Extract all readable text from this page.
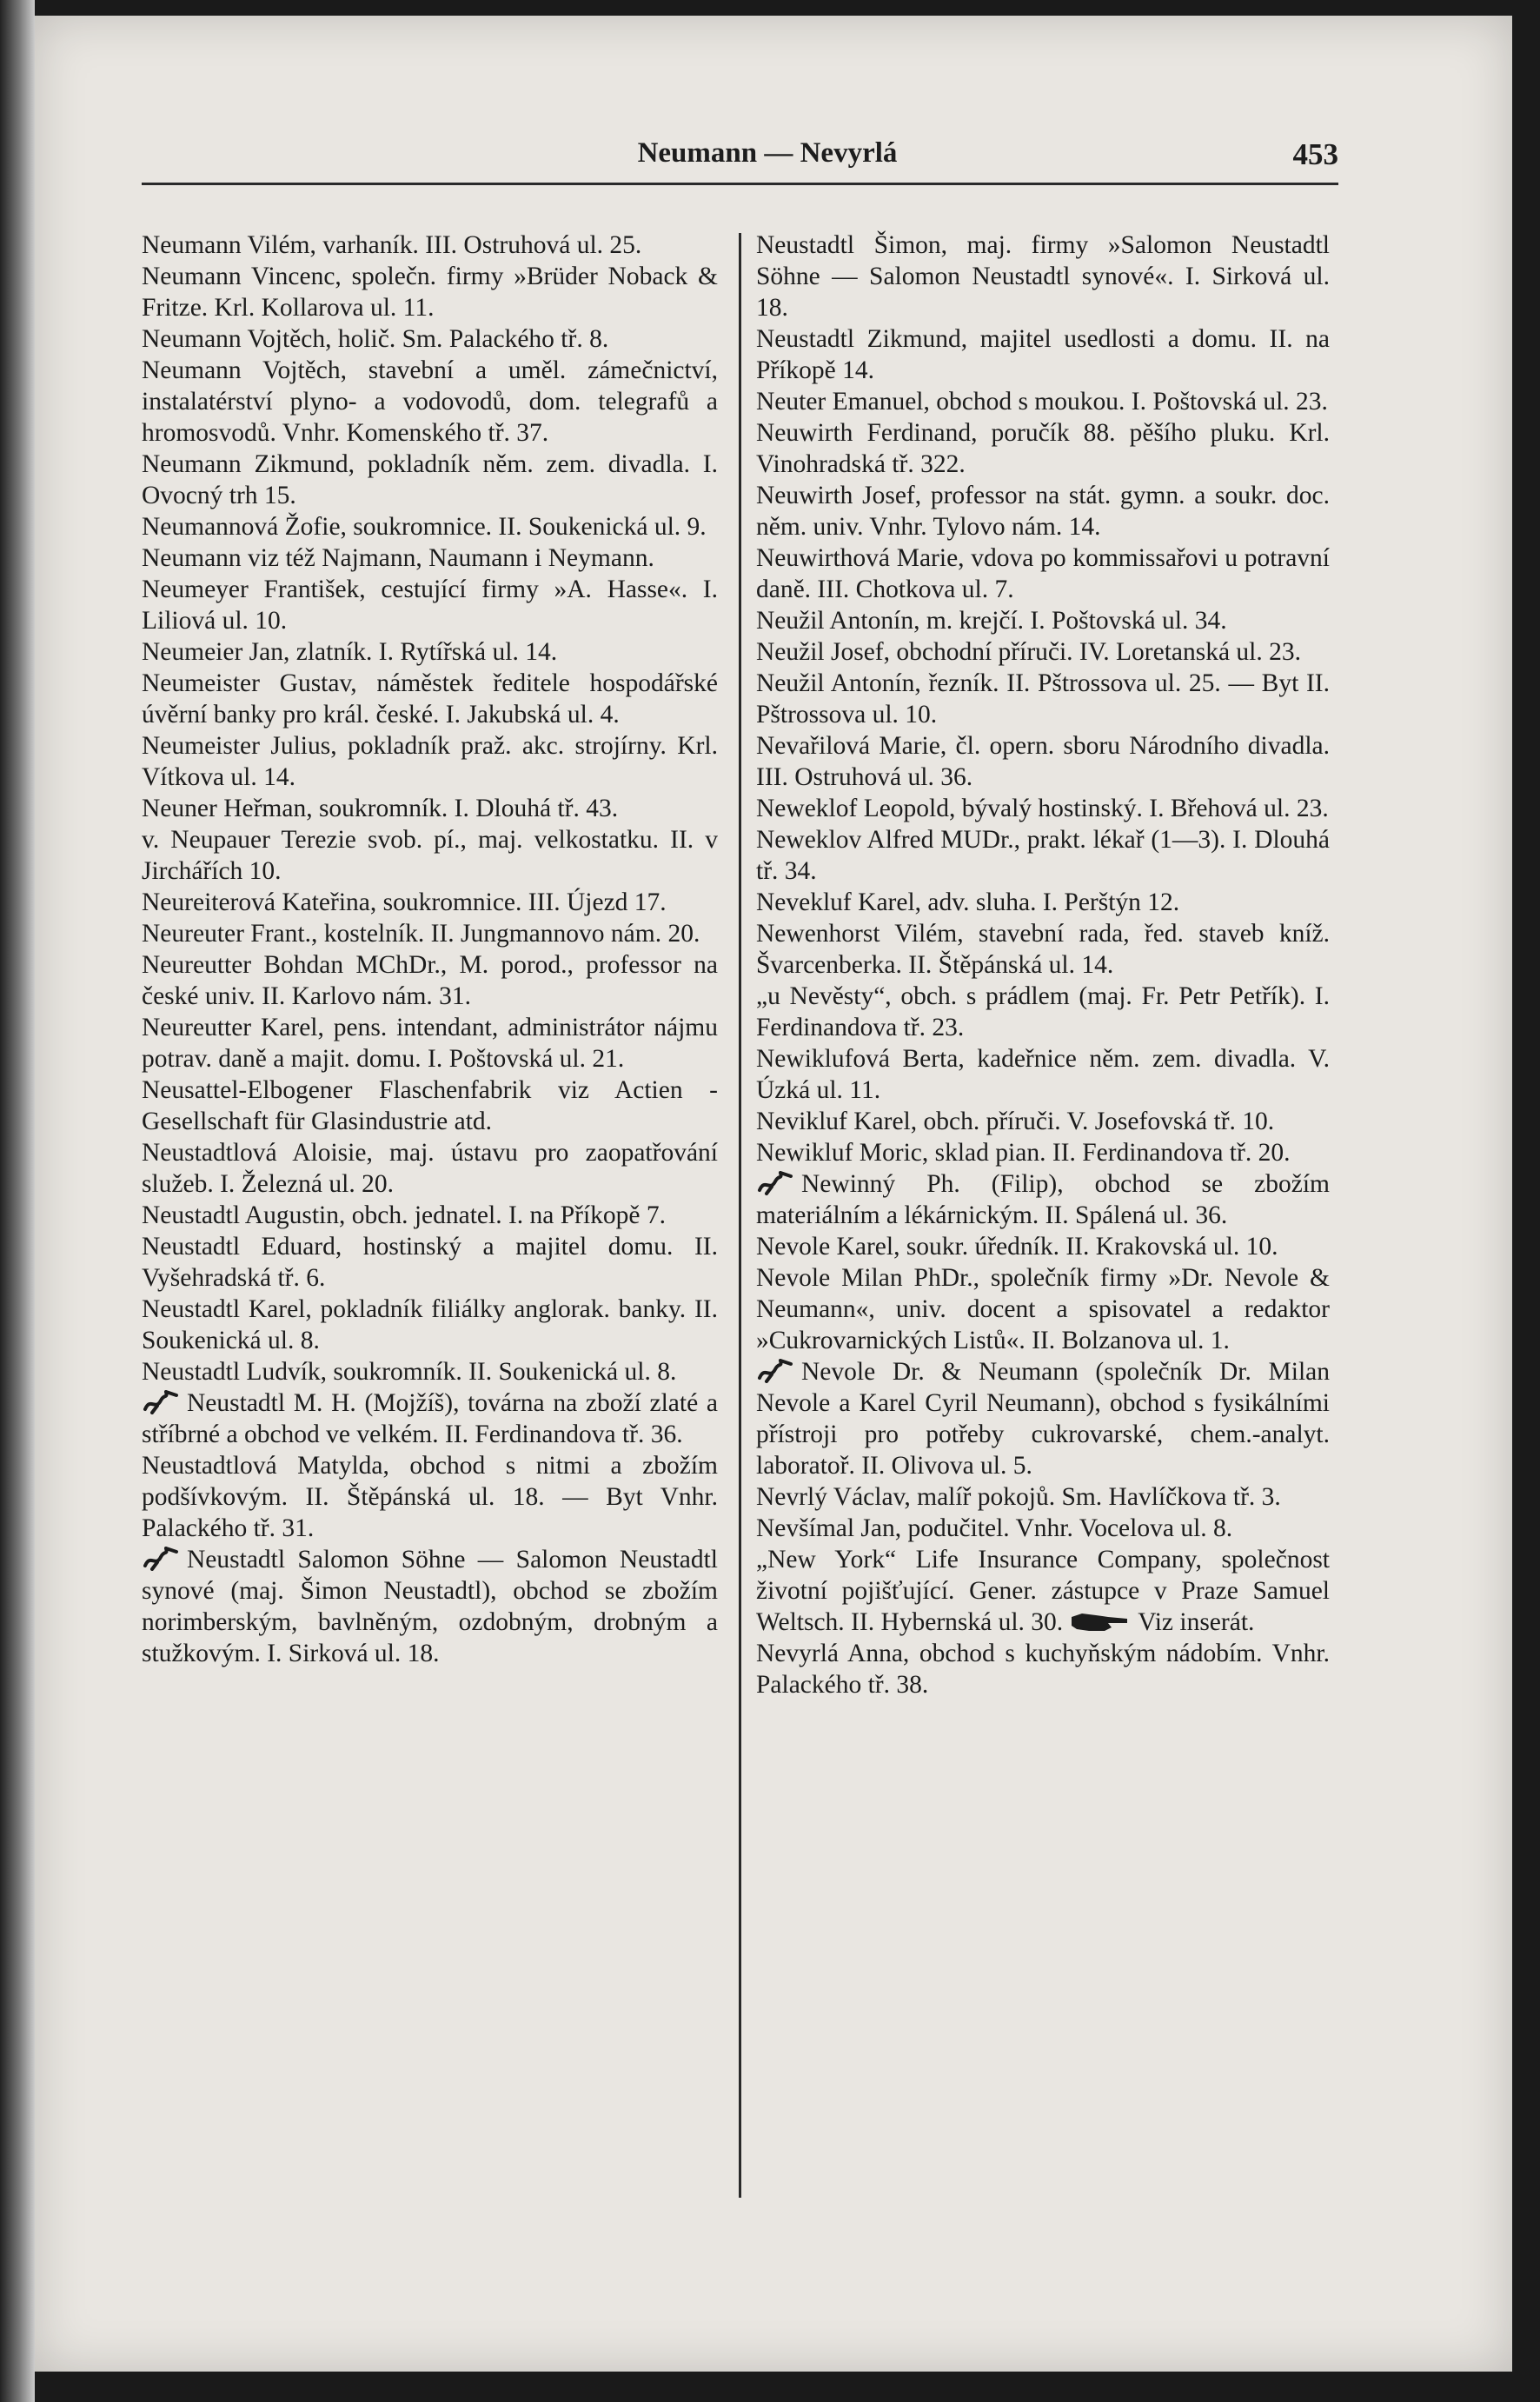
Neumann — Nevyrlá	453

Neumann Vilém, varhaník. III. Ostruhová ul. 25.

Neumann Vincenc, společn. firmy »Brüder Noback & Fritze. Krl. Kollarova ul. 11.

Neumann Vojtěch, holič. Sm. Palackého tř. 8.

Neumann Vojtěch, stavební a uměl. zámečnictví, instalatérství plyno- a vodovodů, dom. telegrafů a hromosvodů. Vnhr. Komenského tř. 37.

Neumann Zikmund, pokladník něm. zem. divadla. I. Ovocný trh 15.

Neumannová Žofie, soukromnice. II. Soukenická ul. 9.

Neumann viz též Najmann, Naumann i Neymann.

Neumeyer František, cestující firmy »A. Hasse«. I. Liliová ul. 10.

Neumeier Jan, zlatník. I. Rytířská ul. 14.

Neumeister Gustav, náměstek ředitele hospodářské úvěrní banky pro král. české. I. Jakubská ul. 4.

Neumeister Julius, pokladník praž. akc. strojírny. Krl. Vítkova ul. 14.

Neuner Heřman, soukromník. I. Dlouhá tř. 43.

v. Neupauer Terezie svob. pí., maj. velkostatku. II. v Jirchářích 10.

Neureiterová Kateřina, soukromnice. III. Újezd 17.

Neureuter Frant., kostelník. II. Jungmannovo nám. 20.

Neureutter Bohdan MChDr., M. porod., professor na české univ. II. Karlovo nám. 31.

Neureutter Karel, pens. intendant, administrátor nájmu potrav. daně a majit. domu. I. Poštovská ul. 21.

Neusattel-Elbogener Flaschenfabrik viz Actien - Gesellschaft für Glasindustrie atd.

Neustadtlová Aloisie, maj. ústavu pro zaopatřování služeb. I. Železná ul. 20.

Neustadtl Augustin, obch. jednatel. I. na Příkopě 7.

Neustadtl Eduard, hostinský a majitel domu. II. Vyšehradská tř. 6.

Neustadtl Karel, pokladník filiálky anglorak. banky. II. Soukenická ul. 8.

Neustadtl Ludvík, soukromník. II. Soukenická ul. 8.

Neustadtl M. H. (Mojžíš), továrna na zboží zlaté a stříbrné a obchod ve velkém. II. Ferdinandova tř. 36.

Neustadtlová Matylda, obchod s nitmi a zbožím podšívkovým. II. Štěpánská ul. 18. — Byt Vnhr. Palackého tř. 31.

Neustadtl Salomon Söhne — Salomon Neustadtl synové (maj. Šimon Neustadtl), obchod se zbožím norimberským, bavlněným, ozdobným, drobným a stužkovým. I. Sirková ul. 18.

Neustadtl Šimon, maj. firmy »Salomon Neustadtl Söhne — Salomon Neustadtl synové«. I. Sirková ul. 18.

Neustadtl Zikmund, majitel usedlosti a domu. II. na Příkopě 14.

Neuter Emanuel, obchod s moukou. I. Poštovská ul. 23.

Neuwirth Ferdinand, poručík 88. pěšího pluku. Krl. Vinohradská tř. 322.

Neuwirth Josef, professor na stát. gymn. a soukr. doc. něm. univ. Vnhr. Tylovo nám. 14.

Neuwirthová Marie, vdova po kommissařovi u potravní daně. III. Chotkova ul. 7.

Neužil Antonín, m. krejčí. I. Poštovská ul. 34.

Neužil Josef, obchodní příruči. IV. Loretanská ul. 23.

Neužil Antonín, řezník. II. Pštrossova ul. 25. — Byt II. Pštrossova ul. 10.

Nevařilová Marie, čl. opern. sboru Národního divadla. III. Ostruhová ul. 36.

Neweklof Leopold, bývalý hostinský. I. Břehová ul. 23.

Neweklov Alfred MUDr., prakt. lékař (1—3). I. Dlouhá tř. 34.

Nevekluf Karel, adv. sluha. I. Perštýn 12.

Newenhorst Vilém, stavební rada, řed. staveb kníž. Švarcenberka. II. Štěpánská ul. 14.

„u Nevěsty“, obch. s prádlem (maj. Fr. Petr Petřík). I. Ferdinandova tř. 23.

Newiklufová Berta, kadeřnice něm. zem. divadla. V. Úzká ul. 11.

Nevikluf Karel, obch. příruči. V. Josefovská tř. 10.

Newikluf Moric, sklad pian. II. Ferdinandova tř. 20.

Newinný Ph. (Filip), obchod se zbožím materiálním a lékárnickým. II. Spálená ul. 36.

Nevole Karel, soukr. úředník. II. Krakovská ul. 10.

Nevole Milan PhDr., společník firmy »Dr. Nevole & Neumann«, univ. docent a spisovatel a redaktor »Cukrovarnických Listů«. II. Bolzanova ul. 1.

Nevole Dr. & Neumann (společník Dr. Milan Nevole a Karel Cyril Neumann), obchod s fysikálními přístroji pro potřeby cukrovarské, chem.-analyt. laboratoř. II. Olivova ul. 5.

Nevrlý Václav, malíř pokojů. Sm. Havlíčkova tř. 3.

Nevšímal Jan, podučitel. Vnhr. Vocelova ul. 8.

„New York“ Life Insurance Company, společnost životní pojišťující. Gener. zástupce v Praze Samuel Weltsch. II. Hybernská ul. 30.	Viz inserát.

Nevyrlá Anna, obchod s kuchyňským nádobím. Vnhr. Palackého tř. 38.
